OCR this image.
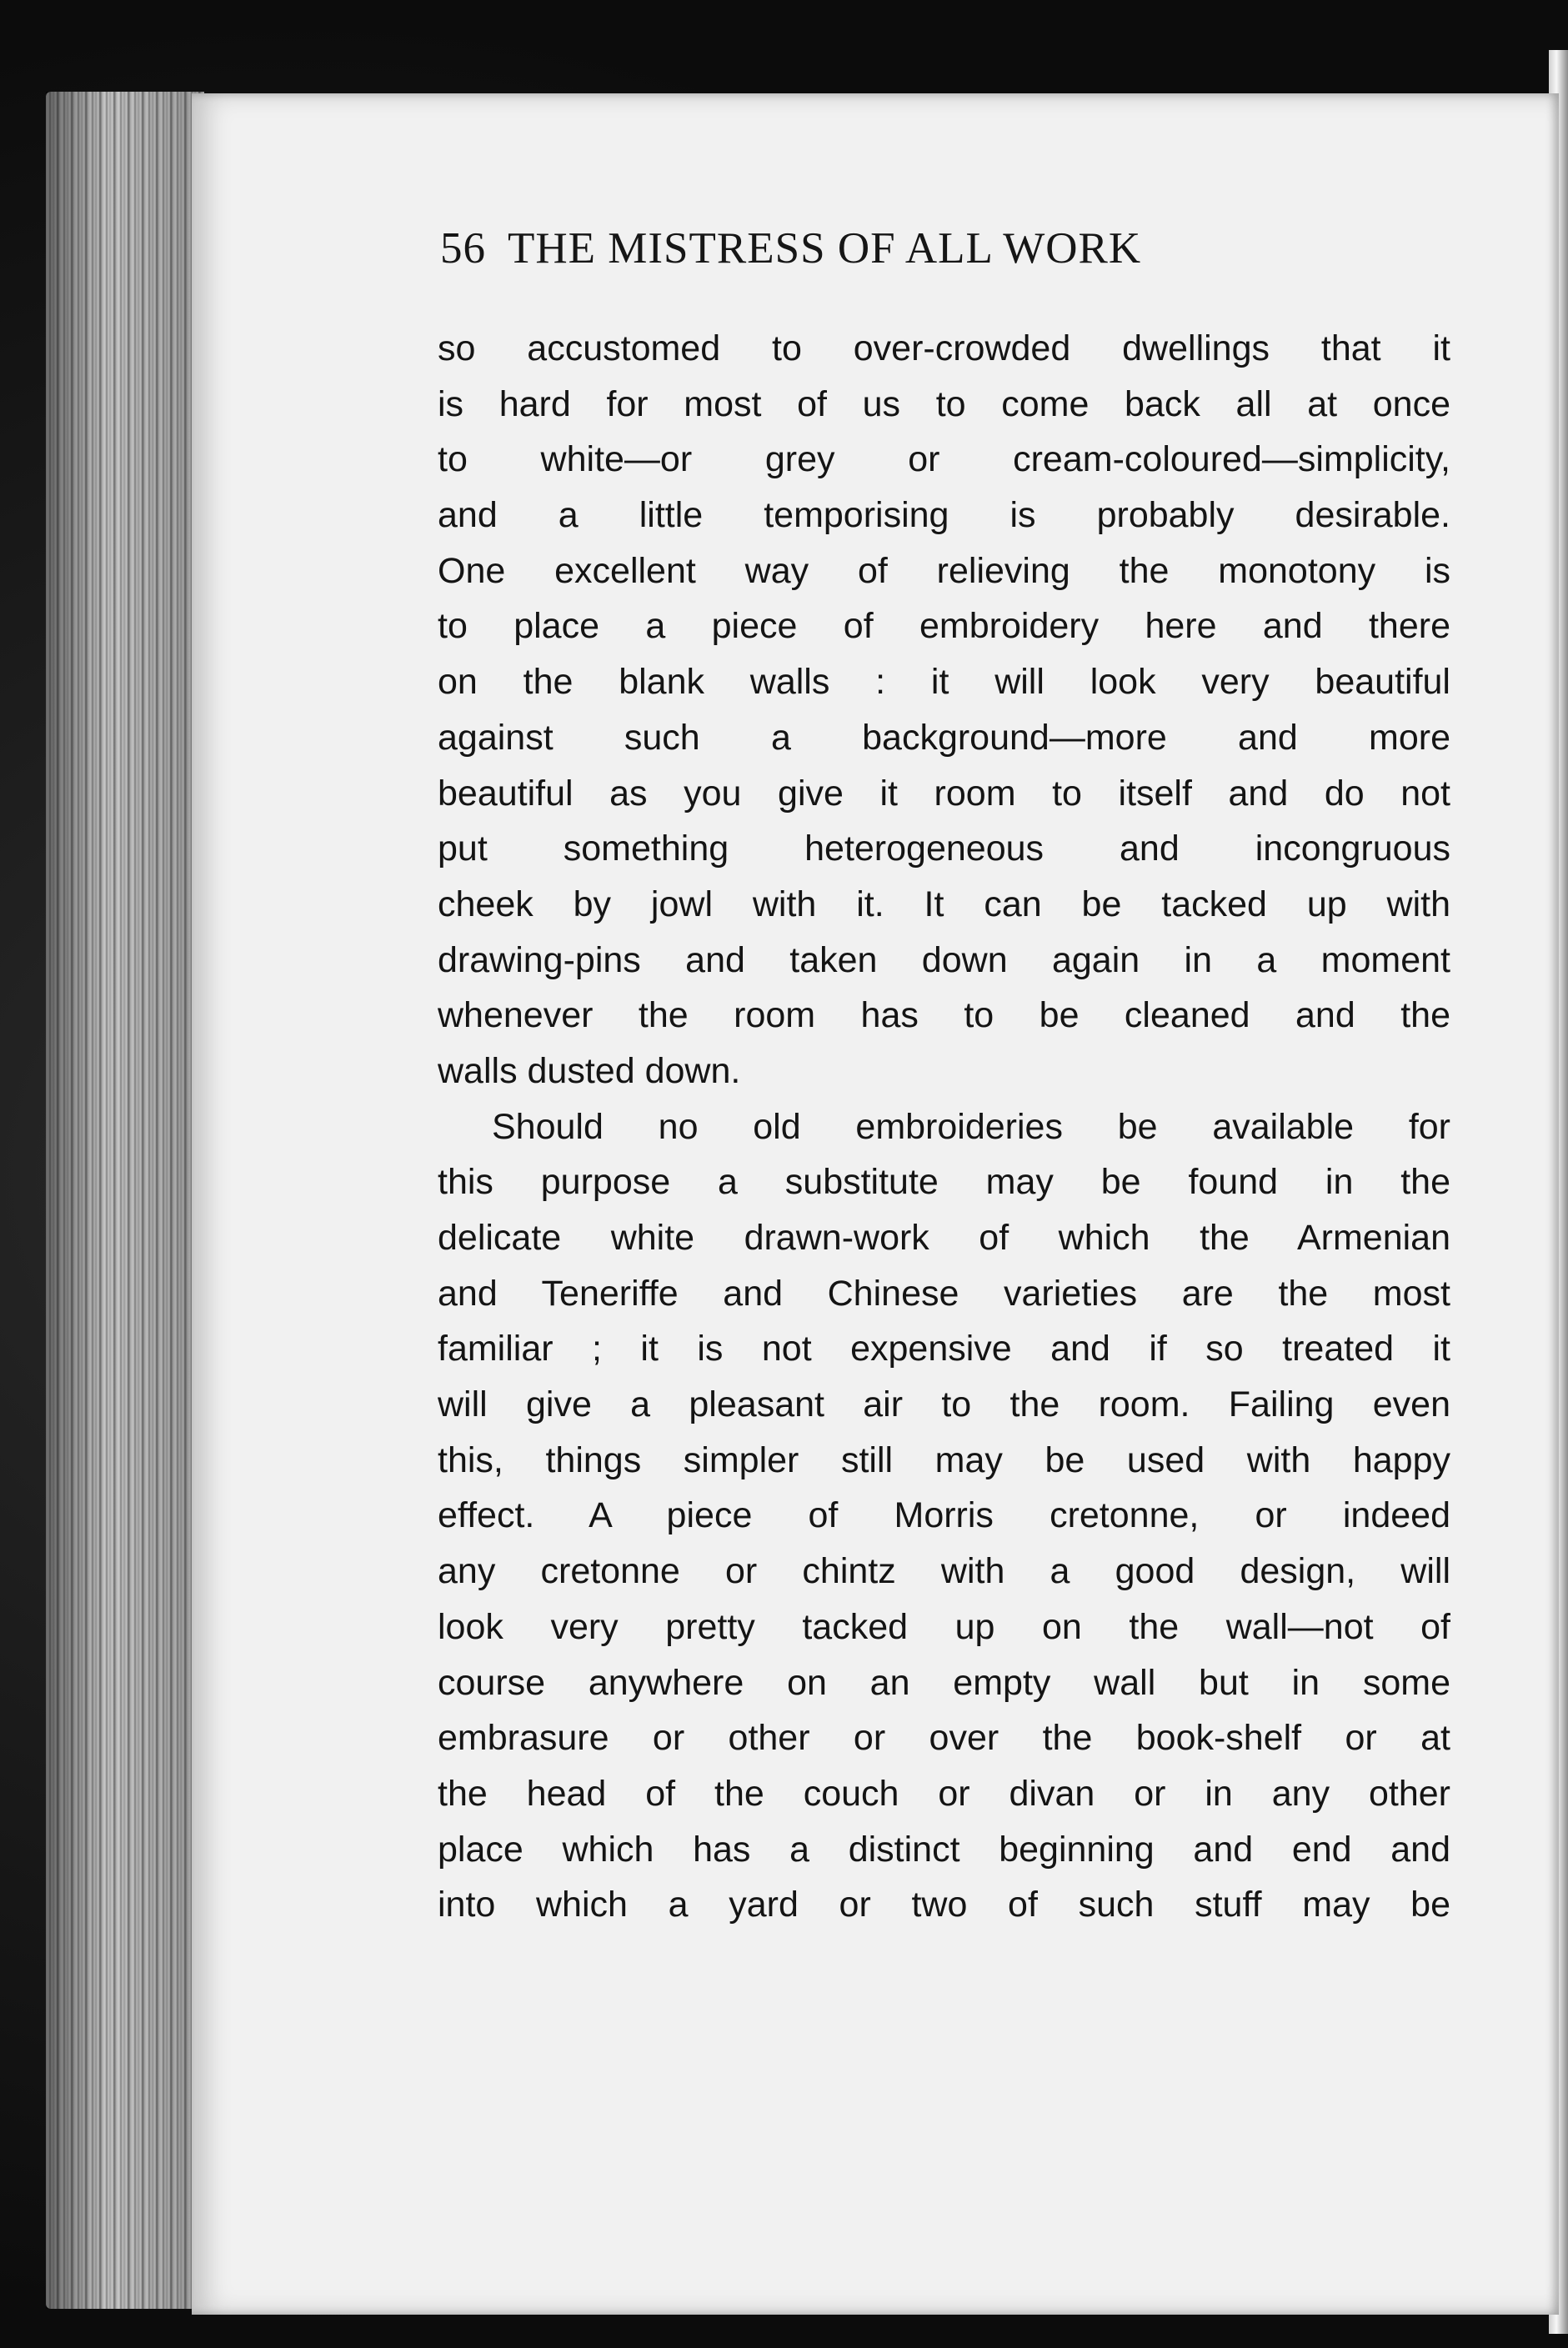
56 THE MISTRESS OF ALL WORK
so accustomed to over-crowded dwellings that it
is hard for most of us to come back all at once
to white—or grey or cream-coloured—simplicity,
and a little temporising is probably desirable.
One excellent way of relieving the monotony is
to place a piece of embroidery here and there
on the blank walls : it will look very beautiful
against such a background—more and more
beautiful as you give it room to itself and do not
put something heterogeneous and incongruous
cheek by jowl with it. It can be tacked up with
drawing-pins and taken down again in a moment
whenever the room has to be cleaned and the
walls dusted down.
Should no old embroideries be available for
this purpose a substitute may be found in the
delicate white drawn-work of which the Armenian
and Teneriffe and Chinese varieties are the most
familiar ; it is not expensive and if so treated it
will give a pleasant air to the room. Failing even
this, things simpler still may be used with happy
effect. A piece of Morris cretonne, or indeed
any cretonne or chintz with a good design, will
look very pretty tacked up on the wall—not of
course anywhere on an empty wall but in some
embrasure or other or over the book-shelf or at
the head of the couch or divan or in any other
place which has a distinct beginning and end and
into which a yard or two of such stuff may be
